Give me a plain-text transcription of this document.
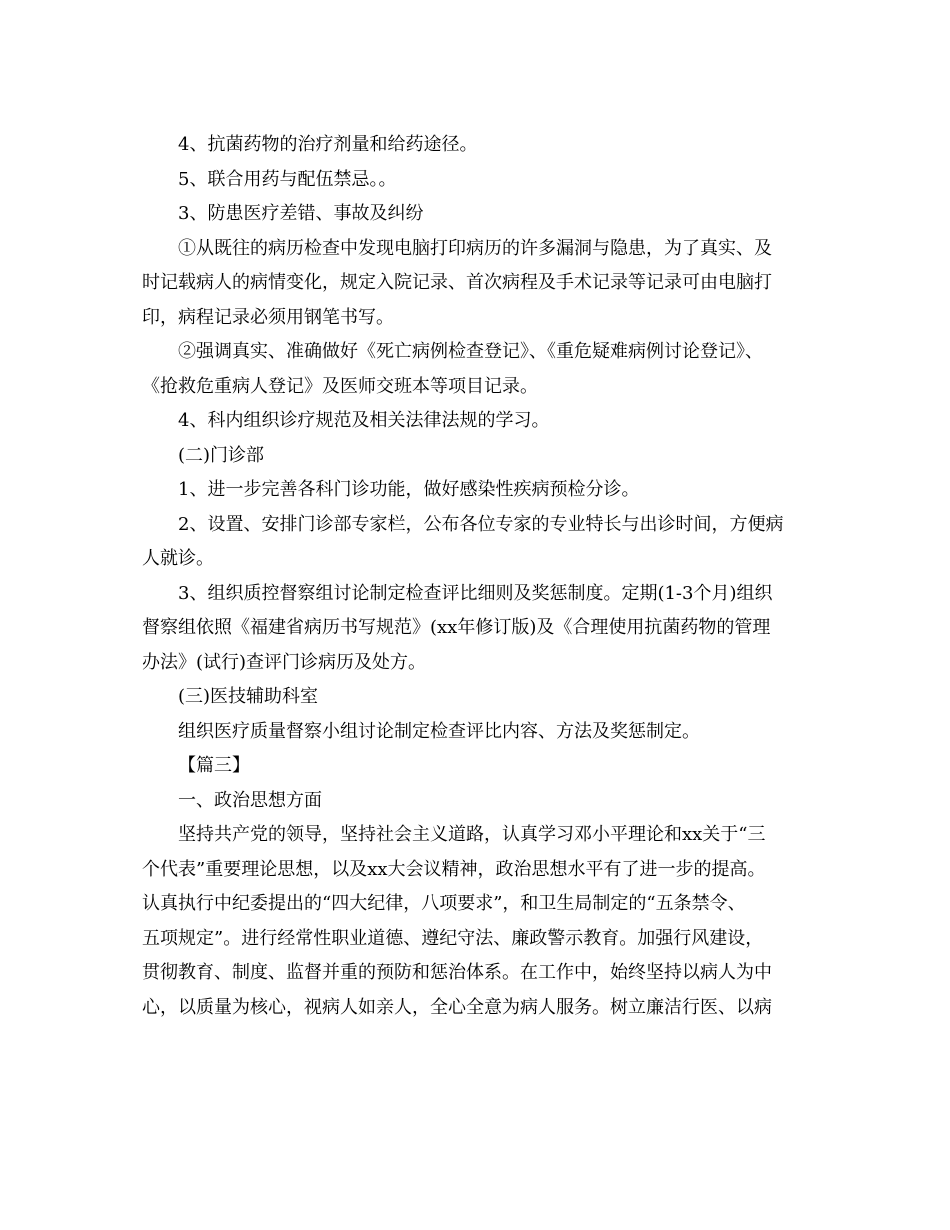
4、抗菌药物的治疗剂量和给药途径。
5、联合用药与配伍禁忌。。
3、防患医疗差错、事故及纠纷
①从既往的病历检查中发现电脑打印病历的许多漏洞与隐患，为了真实、及
时记载病人的病情变化，规定入院记录、首次病程及手术记录等记录可由电脑打
印，病程记录必须用钢笔书写。
②强调真实、准确做好《死亡病例检查登记》、《重危疑难病例讨论登记》、
《抢救危重病人登记》及医师交班本等项目记录。
4、科内组织诊疗规范及相关法律法规的学习。
(二)门诊部
1、进一步完善各科门诊功能，做好感染性疾病预检分诊。
2、设置、安排门诊部专家栏，公布各位专家的专业特长与出诊时间，方便病
人就诊。
3、组织质控督察组讨论制定检查评比细则及奖惩制度。定期(1-3个月)组织
督察组依照《福建省病历书写规范》(xx年修订版)及《合理使用抗菌药物的管理
办法》(试行)查评门诊病历及处方。
(三)医技辅助科室
组织医疗质量督察小组讨论制定检查评比内容、方法及奖惩制定。
【篇三】
一、政治思想方面
坚持共产党的领导，坚持社会主义道路，认真学习邓小平理论和xx关于“三
个代表”重要理论思想，以及xx大会议精神，政治思想水平有了进一步的提高。
认真执行中纪委提出的“四大纪律，八项要求”，和卫生局制定的“五条禁令、
五项规定”。进行经常性职业道德、遵纪守法、廉政警示教育。加强行风建设，
贯彻教育、制度、监督并重的预防和惩治体系。在工作中，始终坚持以病人为中
心，以质量为核心，视病人如亲人，全心全意为病人服务。树立廉洁行医、以病
